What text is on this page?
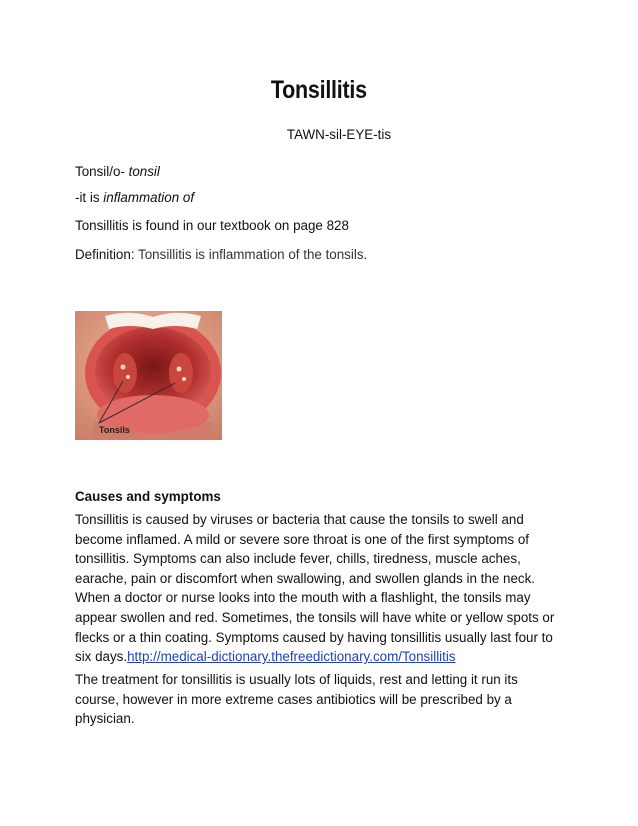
Tonsillitis
TAWN-sil-EYE-tis
Tonsil/o- tonsil
-it is inflammation of
Tonsillitis is found in our textbook on page 828
Definition: Tonsillitis is inflammation of the tonsils.
Tonsils
Causes and symptoms
Tonsillitis is caused by viruses or bacteria that cause the tonsils to swell and become inflamed. A mild or severe sore throat is one of the first symptoms of tonsillitis. Symptoms can also include fever, chills, tiredness, muscle aches, earache, pain or discomfort when swallowing, and swollen glands in the neck. When a doctor or nurse looks into the mouth with a flashlight, the tonsils may appear swollen and red. Sometimes, the tonsils will have white or yellow spots or flecks or a thin coating. Symptoms caused by having tonsillitis usually last four to six days.http://medical-dictionary.thefreedictionary.com/Tonsillitis
The treatment for tonsillitis is usually lots of liquids, rest and letting it run its course, however in more extreme cases antibiotics will be prescribed by a physician.
